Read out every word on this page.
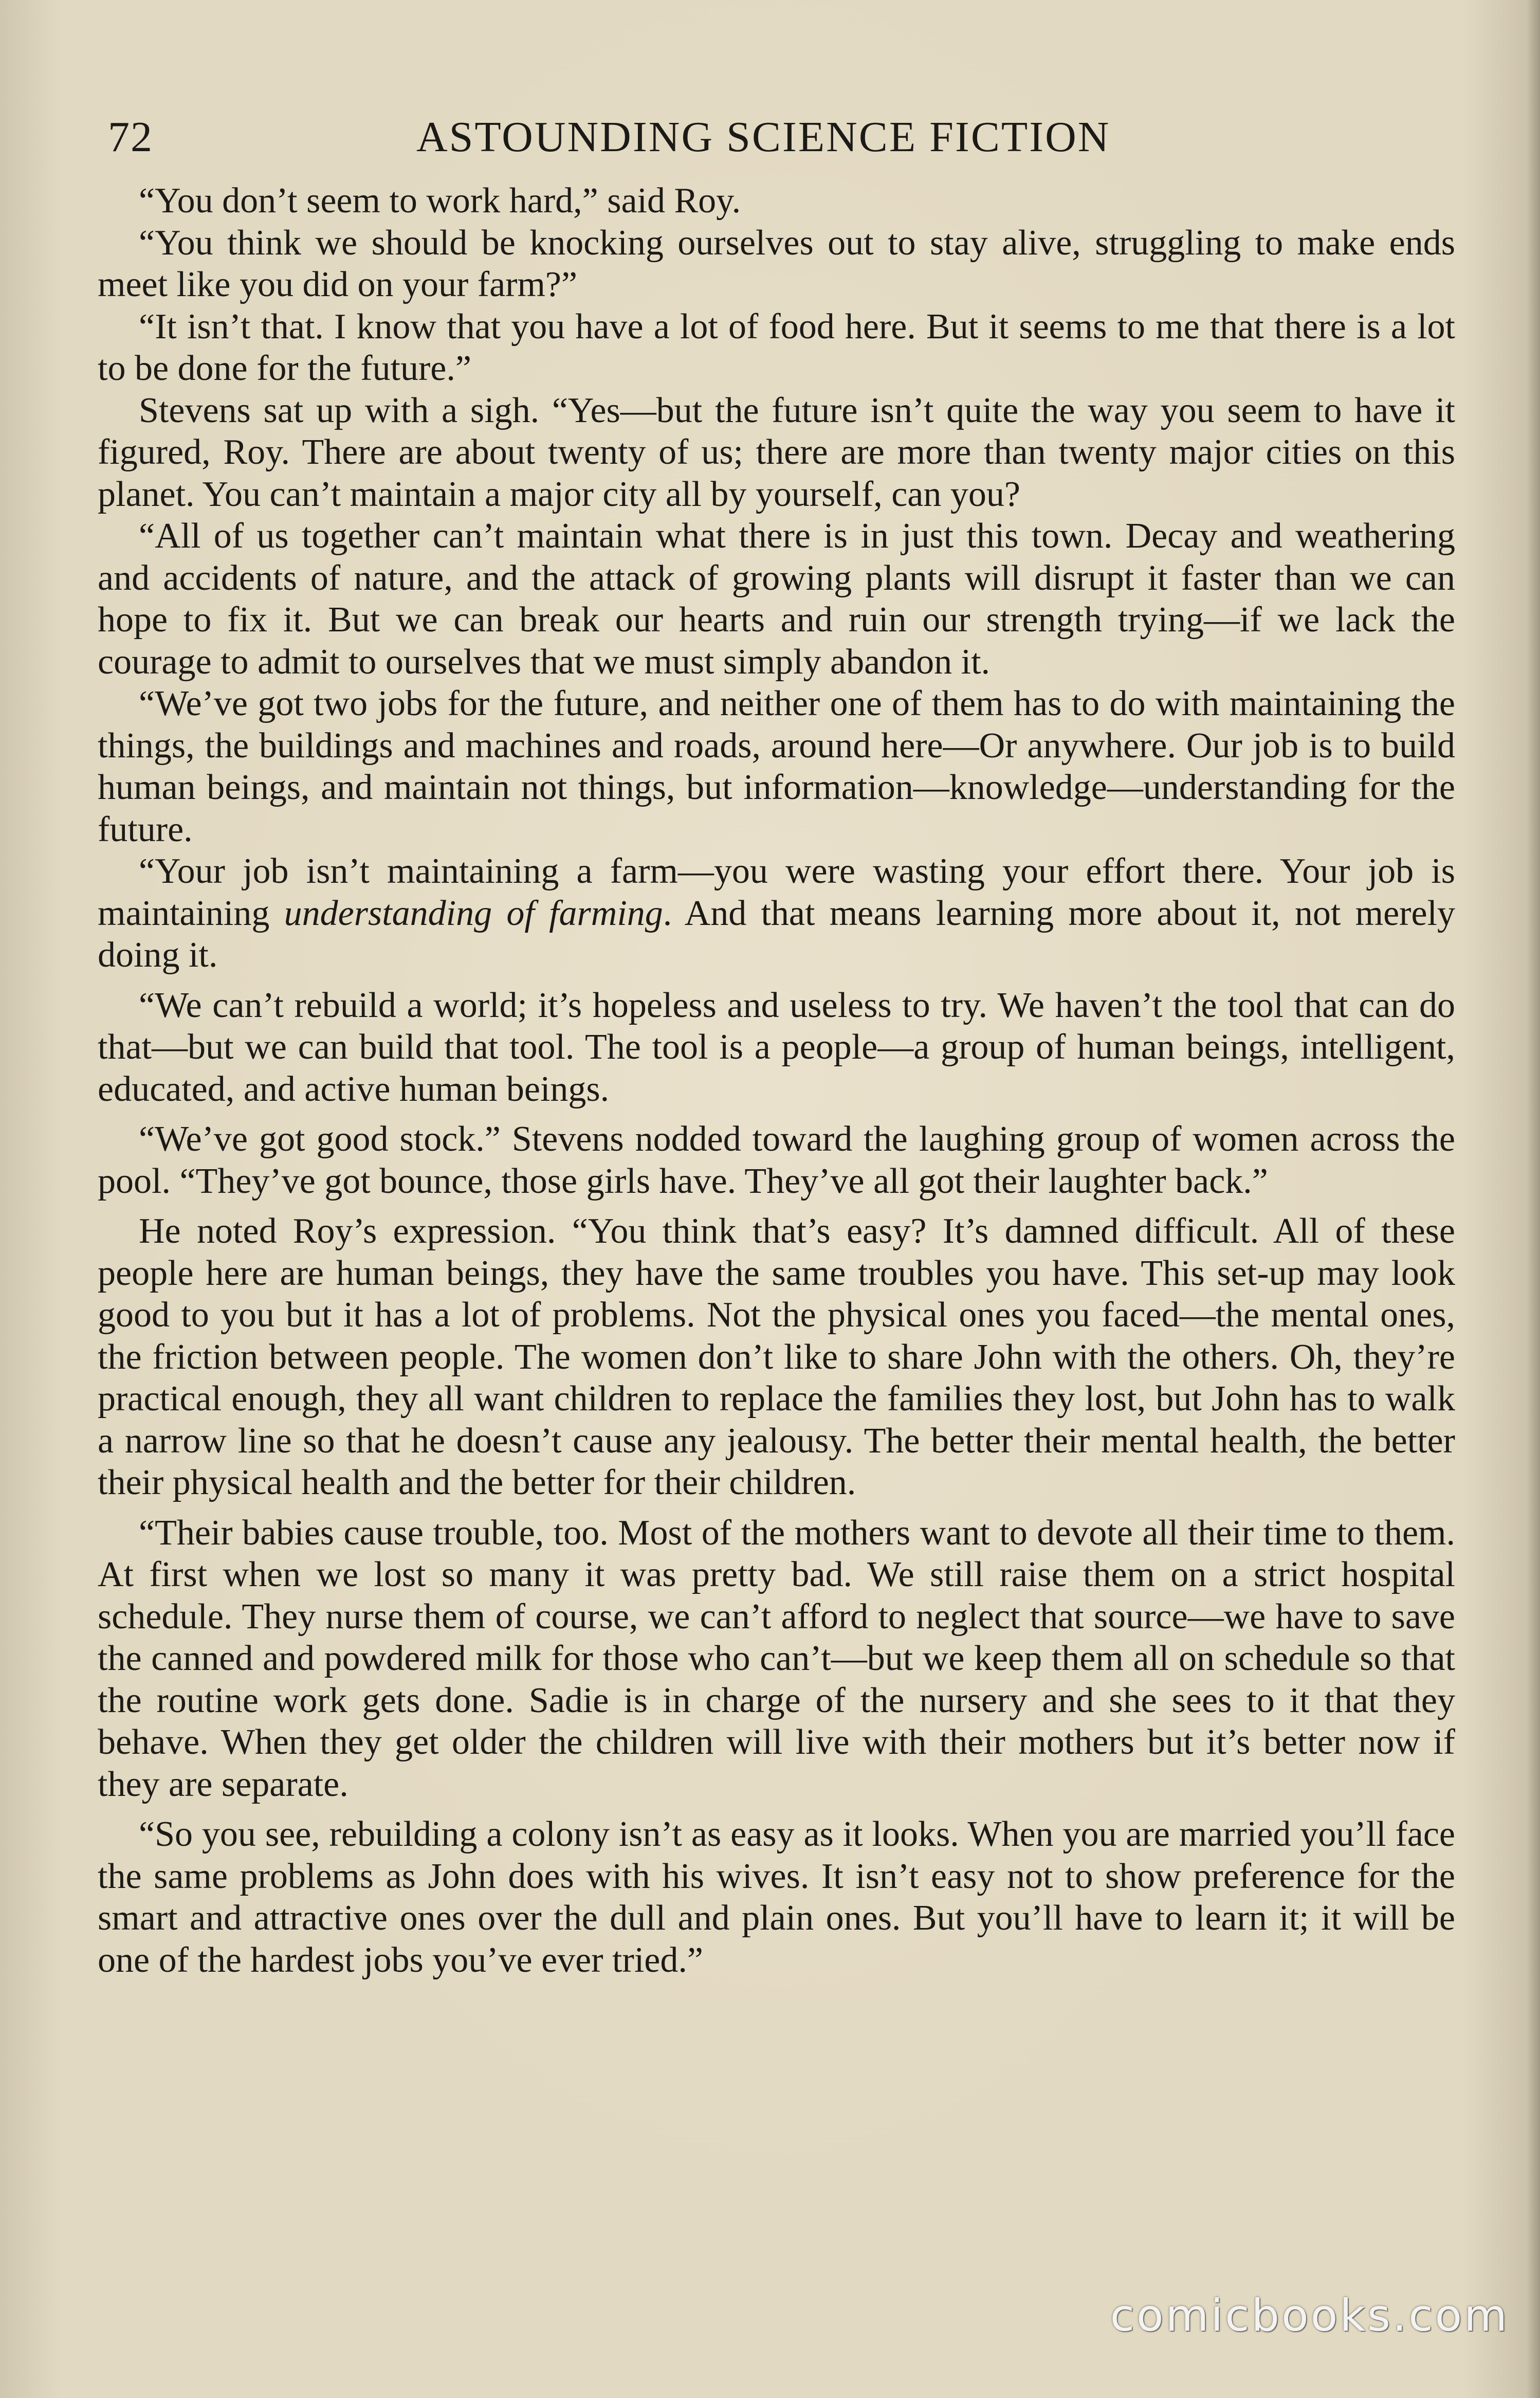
72	ASTOUNDING SCIENCE FICTION

“You don’t seem to work hard,” said Roy.

“You think we should be knocking ourselves out to stay alive, struggling to make ends meet like you did on your farm?”

“It isn’t that. I know that you have a lot of food here. But it seems to me that there is a lot to be done for the future.”

Stevens sat up with a sigh. “Yes—but the future isn’t quite the way you seem to have it figured, Roy. There are about twenty of us; there are more than twenty major cities on this planet. You can’t maintain a major city all by yourself, can you?

“All of us together can’t maintain what there is in just this town. Decay and weathering and accidents of nature, and the attack of growing plants will disrupt it faster than we can hope to fix it. But we can break our hearts and ruin our strength trying—if we lack the courage to admit to ourselves that we must simply abandon it.

“We’ve got two jobs for the future, and neither one of them has to do with maintaining the things, the buildings and machines and roads, around here—Or anywhere. Our job is to build human beings, and maintain not things, but information—knowledge—understanding for the future.

“Your job isn’t maintaining a farm—you were wasting your effort there. Your job is maintaining understanding of farming. And that means learning more about it, not merely doing it.

“We can’t rebuild a world; it’s hopeless and useless to try. We haven’t the tool that can do that—but we can build that tool. The tool is a people—a group of human beings, intelligent, educated, and active human beings.

“We’ve got good stock.” Stevens nodded toward the laughing group of women across the pool. “They’ve got bounce, those girls have. They’ve all got their laughter back.”

He noted Roy’s expression. “You think that’s easy? It’s damned difficult. All of these people here are human beings, they have the same troubles you have. This set-up may look good to you but it has a lot of problems. Not the physical ones you faced—the mental ones, the friction between people. The women don’t like to share John with the others. Oh, they’re practical enough, they all want children to replace the families they lost, but John has to walk a narrow line so that he doesn’t cause any jealousy. The better their mental health, the better their physical health and the better for their children.

“Their babies cause trouble, too. Most of the mothers want to devote all their time to them. At first when we lost so many it was pretty bad. We still raise them on a strict hospital schedule. They nurse them of course, we can’t afford to neglect that source—we have to save the canned and powdered milk for those who can’t—but we keep them all on schedule so that the routine work gets done. Sadie is in charge of the nursery and she sees to it that they behave. When they get older the children will live with their mothers but it’s better now if they are separate.

“So you see, rebuilding a colony isn’t as easy as it looks. When you are married you’ll face the same problems as John does with his wives. It isn’t easy not to show preference for the smart and attractive ones over the dull and plain ones. But you’ll have to learn it; it will be one of the hardest jobs you’ve ever tried.”

comicbooks.com
